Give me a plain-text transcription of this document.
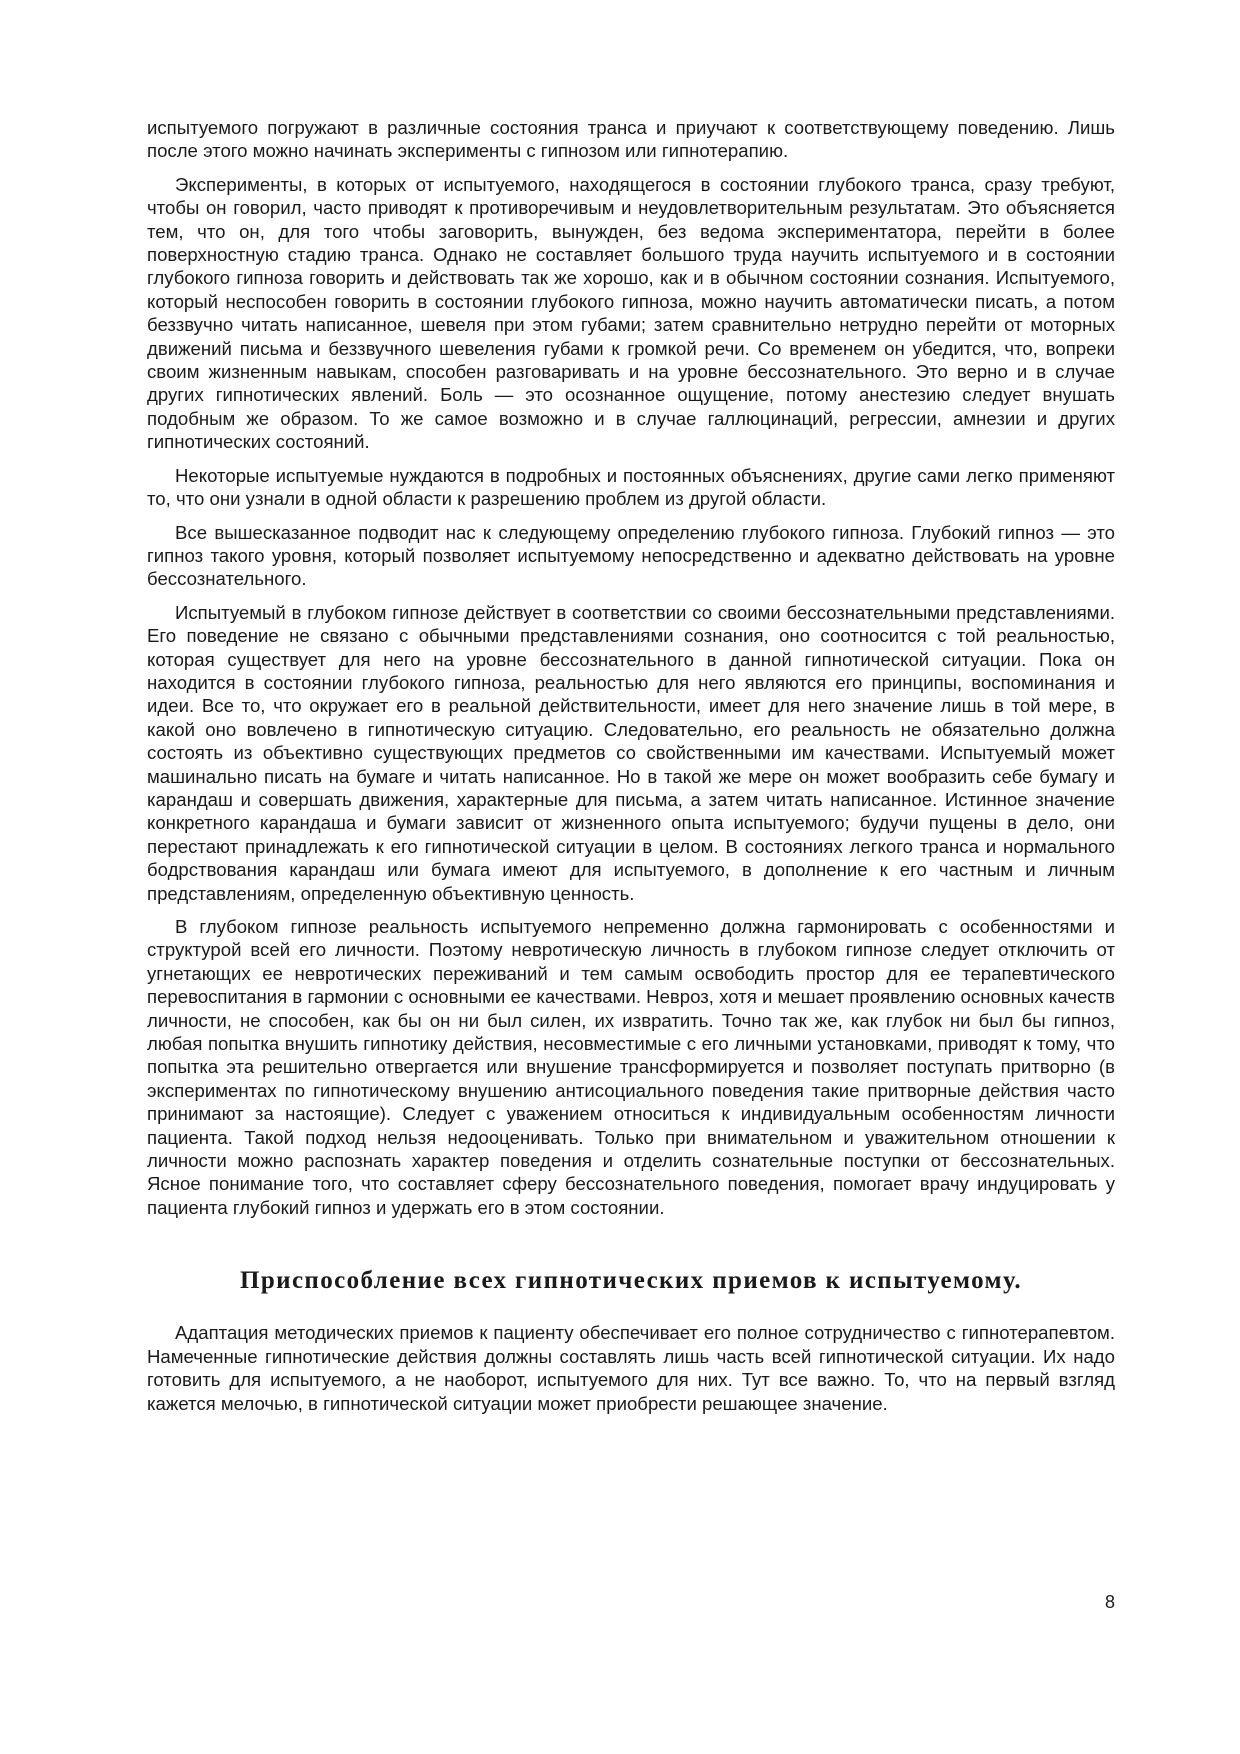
испытуемого погружают в различные состояния транса и приучают к соответствующему поведению. Лишь после этого можно начинать эксперименты с гипнозом или гипнотерапию.

Эксперименты, в которых от испытуемого, находящегося в состоянии глубокого транса, сразу требуют, чтобы он говорил, часто приводят к противоречивым и неудовлетворительным результатам. Это объясняется тем, что он, для того чтобы заговорить, вынужден, без ведома экспериментатора, перейти в более поверхностную стадию транса. Однако не составляет большого труда научить испытуемого и в состоянии глубокого гипноза говорить и действовать так же хорошо, как и в обычном состоянии сознания. Испытуемого, который неспособен говорить в состоянии глубокого гипноза, можно научить автоматически писать, а потом беззвучно читать написанное, шевеля при этом губами; затем сравнительно нетрудно перейти от моторных движений письма и беззвучного шевеления губами к громкой речи. Со временем он убедится, что, вопреки своим жизненным навыкам, способен разговаривать и на уровне бессознательного. Это верно и в случае других гипнотических явлений. Боль — это осознанное ощущение, потому анестезию следует внушать подобным же образом. То же самое возможно и в случае галлюцинаций, регрессии, амнезии и других гипнотических состояний.

Некоторые испытуемые нуждаются в подробных и постоянных объяснениях, другие сами легко применяют то, что они узнали в одной области к разрешению проблем из другой области.

Все вышесказанное подводит нас к следующему определению глубокого гипноза. Глубокий гипноз — это гипноз такого уровня, который позволяет испытуемому непосредственно и адекватно действовать на уровне бессознательного.

Испытуемый в глубоком гипнозе действует в соответствии со своими бессознательными представлениями. Его поведение не связано с обычными представлениями сознания, оно соотносится с той реальностью, которая существует для него на уровне бессознательного в данной гипнотической ситуации. Пока он находится в состоянии глубокого гипноза, реальностью для него являются его принципы, воспоминания и идеи. Все то, что окружает его в реальной действительности, имеет для него значение лишь в той мере, в какой оно вовлечено в гипнотическую ситуацию. Следовательно, его реальность не обязательно должна состоять из объективно существующих предметов со свойственными им качествами. Испытуемый может машинально писать на бумаге и читать написанное. Но в такой же мере он может вообразить себе бумагу и карандаш и совершать движения, характерные для письма, а затем читать написанное. Истинное значение конкретного карандаша и бумаги зависит от жизненного опыта испытуемого; будучи пущены в дело, они перестают принадлежать к его гипнотической ситуации в целом. В состояниях легкого транса и нормального бодрствования карандаш или бумага имеют для испытуемого, в дополнение к его частным и личным представлениям, определенную объективную ценность.

В глубоком гипнозе реальность испытуемого непременно должна гармонировать с особенностями и структурой всей его личности. Поэтому невротическую личность в глубоком гипнозе следует отключить от угнетающих ее невротических переживаний и тем самым освободить простор для ее терапевтического перевоспитания в гармонии с основными ее качествами. Невроз, хотя и мешает проявлению основных качеств личности, не способен, как бы он ни был силен, их извратить. Точно так же, как глубок ни был бы гипноз, любая попытка внушить гипнотику действия, несовместимые с его личными установками, приводят к тому, что попытка эта решительно отвергается или внушение трансформируется и позволяет поступать притворно (в экспериментах по гипнотическому внушению антисоциального поведения такие притворные действия часто принимают за настоящие). Следует с уважением относиться к индивидуальным особенностям личности пациента. Такой подход нельзя недооценивать. Только при внимательном и уважительном отношении к личности можно распознать характер поведения и отделить сознательные поступки от бессознательных. Ясное понимание того, что составляет сферу бессознательного поведения, помогает врачу индуцировать у пациента глубокий гипноз и удержать его в этом состоянии.

Приспособление всех гипнотических приемов к испытуемому.

Адаптация методических приемов к пациенту обеспечивает его полное сотрудничество с гипнотерапевтом. Намеченные гипнотические действия должны составлять лишь часть всей гипнотической ситуации. Их надо готовить для испытуемого, а не наоборот, испытуемого для них. Тут все важно. То, что на первый взгляд кажется мелочью, в гипнотической ситуации может приобрести решающее значение.

8
